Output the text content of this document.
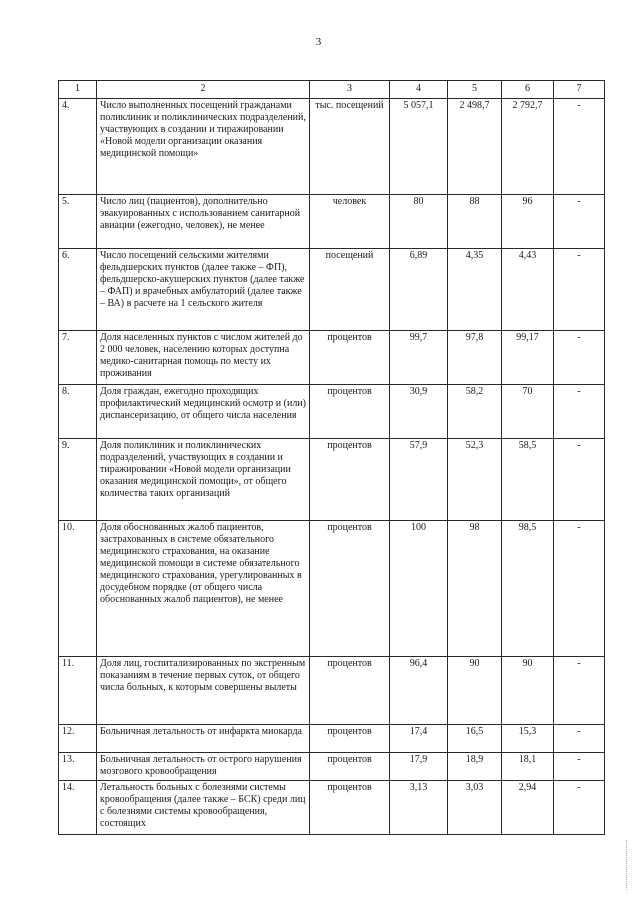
3
1	2	3	4	5	6	7
4.	Число выполненных посещений гражданами поликлиник и поликлинических подразделений, участвующих в создании и тиражировании «Новой модели организации оказания медицинской помощи»	тыс. посещений	5 057,1	2 498,7	2 792,7	-
5.	Число лиц (пациентов), дополнительно эвакуированных с использованием санитарной авиации (ежегодно, человек), не менее	человек	80	88	96	-
6.	Число посещений сельскими жителями фельдшерских пунктов (далее также – ФП), фельдшерско-акушерских пунктов (далее также – ФАП) и врачебных амбулаторий (далее также – ВА) в расчете на 1 сельского жителя	посещений	6,89	4,35	4,43	-
7.	Доля населенных пунктов с числом жителей до 2 000 человек, населению которых доступна медико-санитарная помощь по месту их проживания	процентов	99,7	97,8	99,17	-
8.	Доля граждан, ежегодно проходящих профилактический медицинский осмотр и (или) диспансеризацию, от общего числа населения	процентов	30,9	58,2	70	-
9.	Доля поликлиник и поликлинических подразделений, участвующих в создании и тиражировании «Новой модели организации оказания медицинской помощи», от общего количества таких организаций	процентов	57,9	52,3	58,5	-
10.	Доля обоснованных жалоб пациентов, застрахованных в системе обязательного медицинского страхования, на оказание медицинской помощи в системе обязательного медицинского страхования, урегулированных в досудебном порядке (от общего числа обоснованных жалоб пациентов), не менее	процентов	100	98	98,5	-
11.	Доля лиц, госпитализированных по экстренным показаниям в течение первых суток, от общего числа больных, к которым совершены вылеты	процентов	96,4	90	90	-
12.	Больничная летальность от инфаркта миокарда	процентов	17,4	16,5	15,3	-
13.	Больничная летальность от острого нарушения мозгового кровообращения	процентов	17,9	18,9	18,1	-
14.	Летальность больных с болезнями системы кровообращения (далее также – БСК) среди лиц с болезнями системы кровообращения, состоящих	процентов	3,13	3,03	2,94	-
